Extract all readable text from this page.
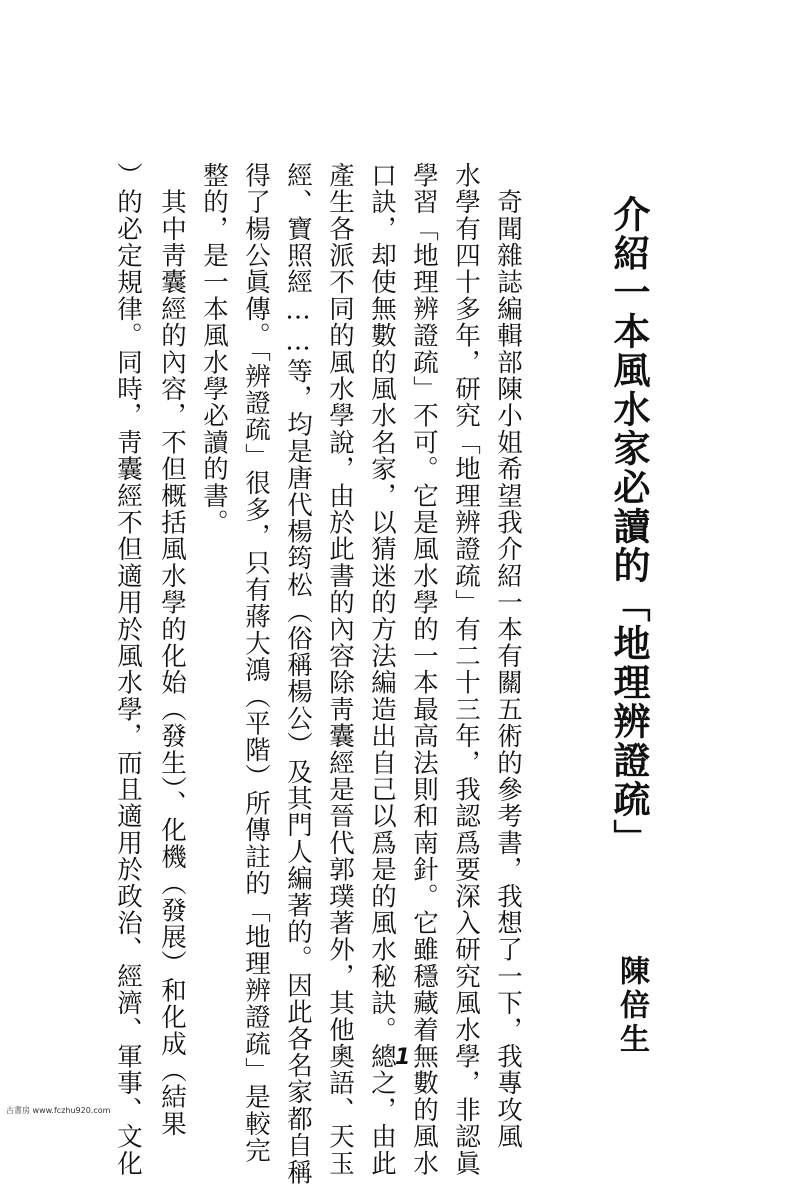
介紹一本風水家必讀的「地理辨證疏」
陳倍生
　奇聞雜誌編輯部陳小姐希望我介紹一本有關五術的參考書，我想了一下，我專攻風
水學有四十多年，研究「地理辨證疏」有二十三年，我認爲要深入研究風水學，非認眞
學習「地理辨證疏」不可。它是風水學的一本最高法則和南針。它雖穩藏着無數的風水
口訣，却使無數的風水名家，以猜迷的方法編造出自己以爲是的風水秘訣。總之，由此
產生各派不同的風水學說，由於此書的內容除靑囊經是晉代郭璞著外，其他奧語、天玉
經、寶照經……等，均是唐代楊筠松（俗稱楊公）及其門人編著的。因此各名家都自稱
得了楊公眞傳。「辨證疏」很多，只有蔣大鴻（平階）所傳註的「地理辨證疏」是較完
整的，是一本風水學必讀的書。
　其中靑囊經的內容，不但概括風水學的化始（發生）、化機（發展）和化成（結果
）的必定規律。同時，靑囊經不但適用於風水學，而且適用於政治、經濟、軍事、文化	1
古書房 www.fczhu920.com
